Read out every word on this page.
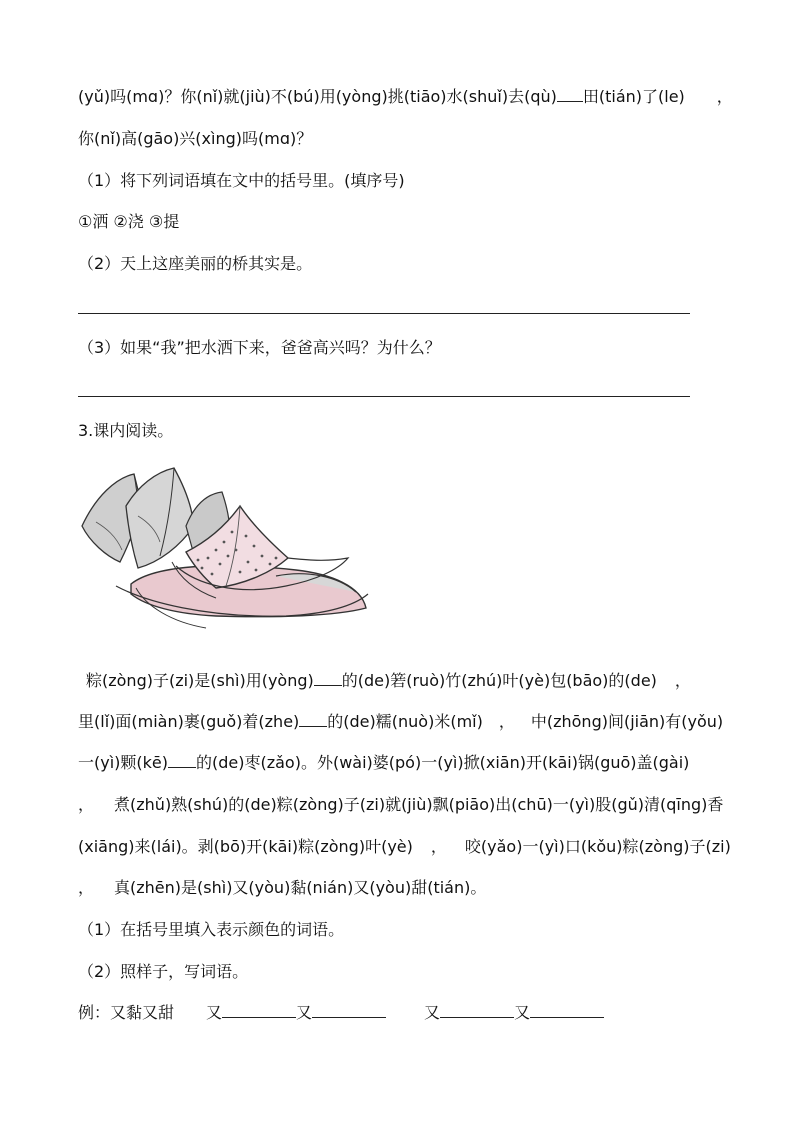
(yǔ)吗(mɑ)？你(nǐ)就(jiù)不(bú)用(yòng)挑(tiāo)水(shuǐ)去(qù) 田(tián)了(le) ，
你(nǐ)高(gāo)兴(xìng)吗(mɑ)？
（1）将下列词语填在文中的括号里。(填序号)
①洒 ②浇 ③提
（2）天上这座美丽的桥其实是。
（3）如果“我”把水洒下来，爸爸高兴吗？为什么？
3.课内阅读。
粽(zòng)子(zi)是(shì)用(yòng) 的(de)箬(ruò)竹(zhú)叶(yè)包(bāo)的(de) ，
里(lǐ)面(miàn)裹(guǒ)着(zhe) 的(de)糯(nuò)米(mǐ) ， 中(zhōng)间(jiān)有(yǒu)
一(yì)颗(kē) 的(de)枣(zǎo)。外(wài)婆(pó)一(yì)掀(xiān)开(kāi)锅(guō)盖(gài)
， 煮(zhǔ)熟(shú)的(de)粽(zòng)子(zi)就(jiù)飘(piāo)出(chū)一(yì)股(gǔ)清(qīng)香
(xiāng)来(lái)。剥(bō)开(kāi)粽(zòng)叶(yè) ， 咬(yǎo)一(yì)口(kǒu)粽(zòng)子(zi)
， 真(zhēn)是(shì)又(yòu)黏(nián)又(yòu)甜(tián)。
（1）在括号里填入表示颜色的词语。
（2）照样子，写词语。
例：又黏又甜 又	又	又	又
